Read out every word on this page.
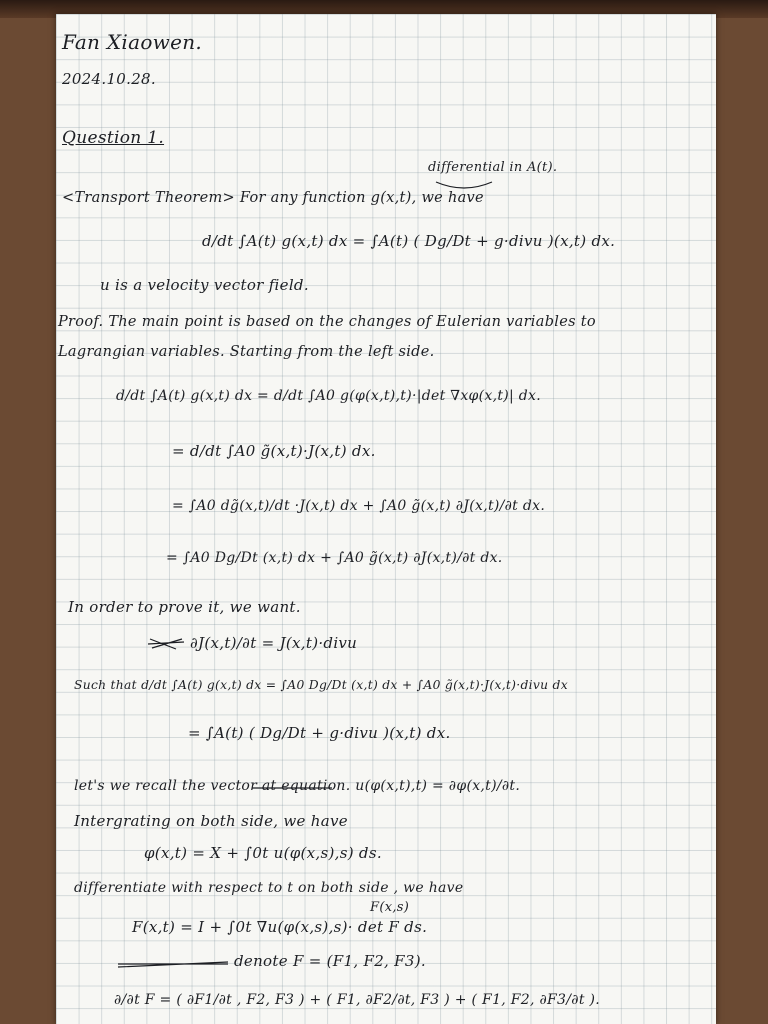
Fan Xiaowen.
2024.10.28.
Question 1.
differential in A(t).
<Transport Theorem> For any function g(x,t), we have
d/dt ∫A(t) g(x,t) dx = ∫A(t) ( Dg/Dt + g·divu )(x,t) dx.
u is a velocity vector field.
Proof. The main point is based on the changes of Eulerian variables to
Lagrangian variables. Starting from the left side.
d/dt ∫A(t) g(x,t) dx = d/dt ∫A0 g(φ(x,t),t)·|det ∇xφ(x,t)| dx.
= d/dt ∫A0 g̃(x,t)·J(x,t) dx.
= ∫A0 dg̃(x,t)/dt ·J(x,t) dx + ∫A0 g̃(x,t) ∂J(x,t)/∂t dx.
= ∫A0 Dg/Dt (x,t) dx + ∫A0 g̃(x,t) ∂J(x,t)/∂t dx.
In order to prove it, we want.
∂J(x,t)/∂t = J(x,t)·divu
Such that d/dt ∫A(t) g(x,t) dx = ∫A0 Dg/Dt (x,t) dx + ∫A0 g̃(x,t)·J(x,t)·divu dx
= ∫A(t) ( Dg/Dt + g·divu )(x,t) dx.
let's we recall the vector at equation. u(φ(x,t),t) = ∂φ(x,t)/∂t.
Intergrating on both side, we have
φ(x,t) = X + ∫0t u(φ(x,s),s) ds.
differentiate with respect to t on both side , we have
F(x,s)
F(x,t) = I + ∫0t ∇u(φ(x,s),s)· det F ds.
denote F = (F1, F2, F3).
∂/∂t F = ( ∂F1/∂t , F2, F3 ) + ( F1, ∂F2/∂t, F3 ) + ( F1, F2, ∂F3/∂t ).
